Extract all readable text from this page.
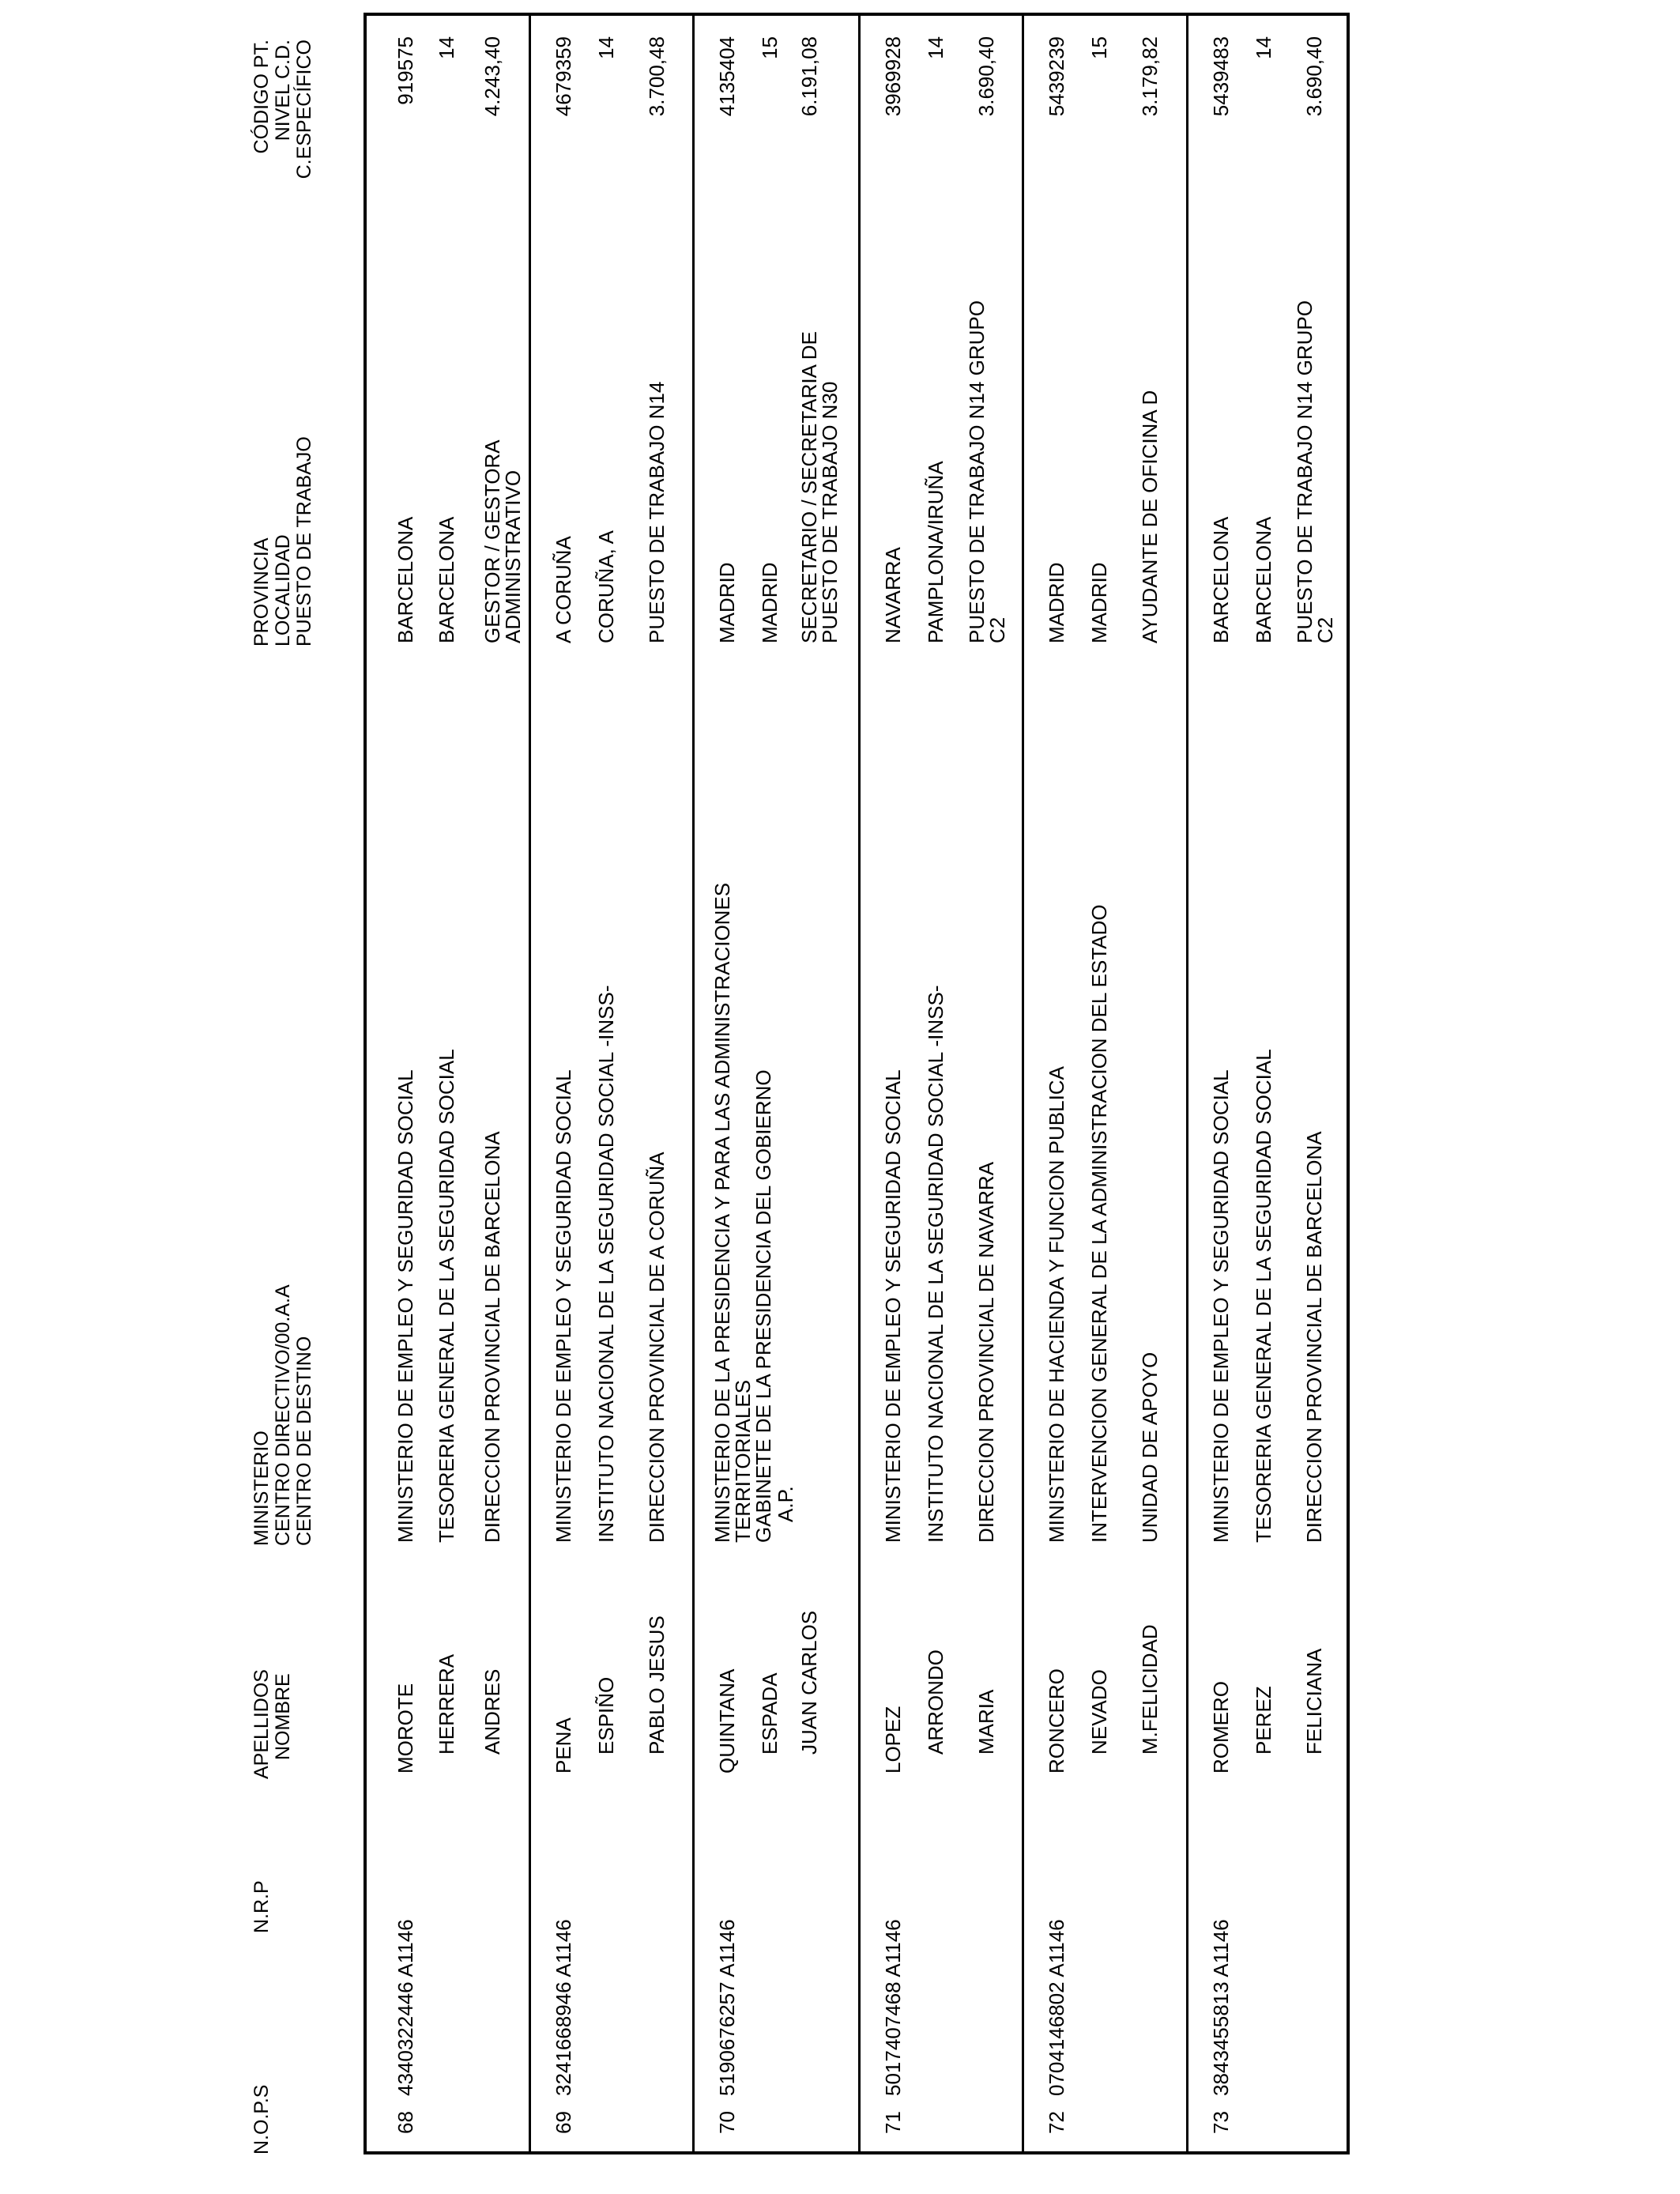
N.O.P.S
N.R.P
APELLIDOS NOMBRE
MINISTERIO CENTRO DIRECTIVO/00.A.A CENTRO DE DESTINO
PROVINCIA LOCALIDAD PUESTO DE TRABAJO
CÓDIGO PT. NIVEL C.D. C.ESPECÍFICO
68
4340322446 A1146
MOROTE HERRERA ANDRES
MINISTERIO DE EMPLEO Y SEGURIDAD SOCIAL TESORERIA GENERAL DE LA SEGURIDAD SOCIAL DIRECCION PROVINCIAL DE BARCELONA
BARCELONA BARCELONA GESTOR / GESTORA ADMINISTRATIVO
919575 14 4.243,40
69
3241668946 A1146
PENA ESPIÑO PABLO JESUS
MINISTERIO DE EMPLEO Y SEGURIDAD SOCIAL INSTITUTO NACIONAL DE LA SEGURIDAD SOCIAL -INSS- DIRECCION PROVINCIAL DE A CORUÑA
A CORUÑA CORUÑA, A PUESTO DE TRABAJO N14
4679359 14 3.700,48
70
5190676257 A1146
QUINTANA ESPADA JUAN CARLOS
MINISTERIO DE LA PRESIDENCIA Y PARA LAS ADMINISTRACIONES TERRITORIALES
GABINETE DE LA PRESIDENCIA DEL GOBIERNO
A.P.
MADRID MADRID SECRETARIO / SECRETARIA DE PUESTO DE TRABAJO N30
4135404 15 6.191,08
71
5017407468 A1146
LOPEZ ARRONDO MARIA
MINISTERIO DE EMPLEO Y SEGURIDAD SOCIAL INSTITUTO NACIONAL DE LA SEGURIDAD SOCIAL -INSS- DIRECCION PROVINCIAL DE NAVARRA
NAVARRA PAMPLONA/IRUÑA PUESTO DE TRABAJO N14 GRUPO C2
3969928 14 3.690,40
72
0704146802 A1146
RONCERO NEVADO M.FELICIDAD
MINISTERIO DE HACIENDA Y FUNCION PUBLICA INTERVENCION GENERAL DE LA ADMINISTRACION DEL ESTADO UNIDAD DE APOYO
MADRID MADRID AYUDANTE DE OFICINA D
5439239 15 3.179,82
73
3843455813 A1146
ROMERO PEREZ FELICIANA
MINISTERIO DE EMPLEO Y SEGURIDAD SOCIAL TESORERIA GENERAL DE LA SEGURIDAD SOCIAL DIRECCION PROVINCIAL DE BARCELONA
BARCELONA BARCELONA PUESTO DE TRABAJO N14 GRUPO C2
5439483 14 3.690,40
